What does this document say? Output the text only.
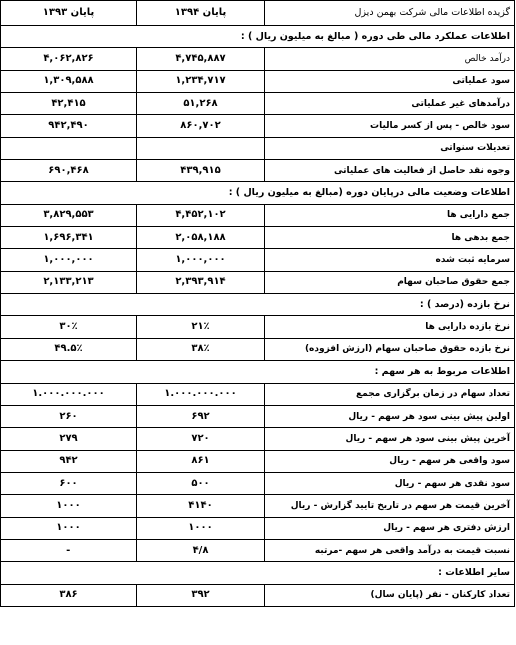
گزیده اطلاعات مالی شرکت بهمن دیزل	پایان ۱۳۹۴	پایان ۱۳۹۳
اطلاعات عملکرد مالی طی دوره ( مبالغ به میلیون ریال ) :		
درآمد خالص	۴,۷۴۵,۸۸۷	۴,۰۶۲,۸۲۶
سود عملیاتی	۱,۲۳۴,۷۱۷	۱,۳۰۹,۵۸۸
درآمدهای غیر عملیاتی	۵۱,۲۶۸	۴۲,۴۱۵
سود خالص - پس از کسر مالیات	۸۶۰,۷۰۲	۹۴۲,۴۹۰
تعدیلات سنواتی		
وجوه نقد حاصل از فعالیت های عملیاتی	۴۳۹,۹۱۵	۶۹۰,۴۶۸
اطلاعات وضعیت مالی درپایان دوره (مبالغ به میلیون ریال ) :		
جمع دارایی ها	۴,۴۵۲,۱۰۲	۳,۸۲۹,۵۵۳
جمع بدهی ها	۲,۰۵۸,۱۸۸	۱,۶۹۶,۳۴۱
سرمایه ثبت شده	۱,۰۰۰,۰۰۰	۱,۰۰۰,۰۰۰
جمع حقوق صاحبان سهام	۲,۳۹۳,۹۱۴	۲,۱۳۳,۲۱۳
نرخ بازده (درصد ) :		
نرخ بازده دارایی ها	۲۱٪	۳۰٪
نرخ بازده حقوق صاحبان سهام (ارزش افزوده)	۳۸٪	۴۹.۵٪
اطلاعات مربوط به هر سهم :		
تعداد سهام در زمان برگزاری مجمع	۱.۰۰۰.۰۰۰.۰۰۰	۱.۰۰۰.۰۰۰.۰۰۰
اولین پیش بینی سود هر سهم - ریال	۶۹۲	۲۶۰
آخرین پیش بینی سود هر سهم - ریال	۷۲۰	۲۷۹
سود واقعی هر سهم - ریال	۸۶۱	۹۴۲
سود نقدی هر سهم - ریال	۵۰۰	۶۰۰
آخرین قیمت هر سهم در تاریخ تایید گزارش - ریال	۴۱۴۰	۱۰۰۰
ارزش دفتری هر سهم - ریال	۱۰۰۰	۱۰۰۰
نسبت قیمت به درآمد واقعی هر سهم -مرتبه	۴/۸	-
سایر اطلاعات :		
تعداد کارکنان - نفر (پایان سال)	۳۹۲	۳۸۶
